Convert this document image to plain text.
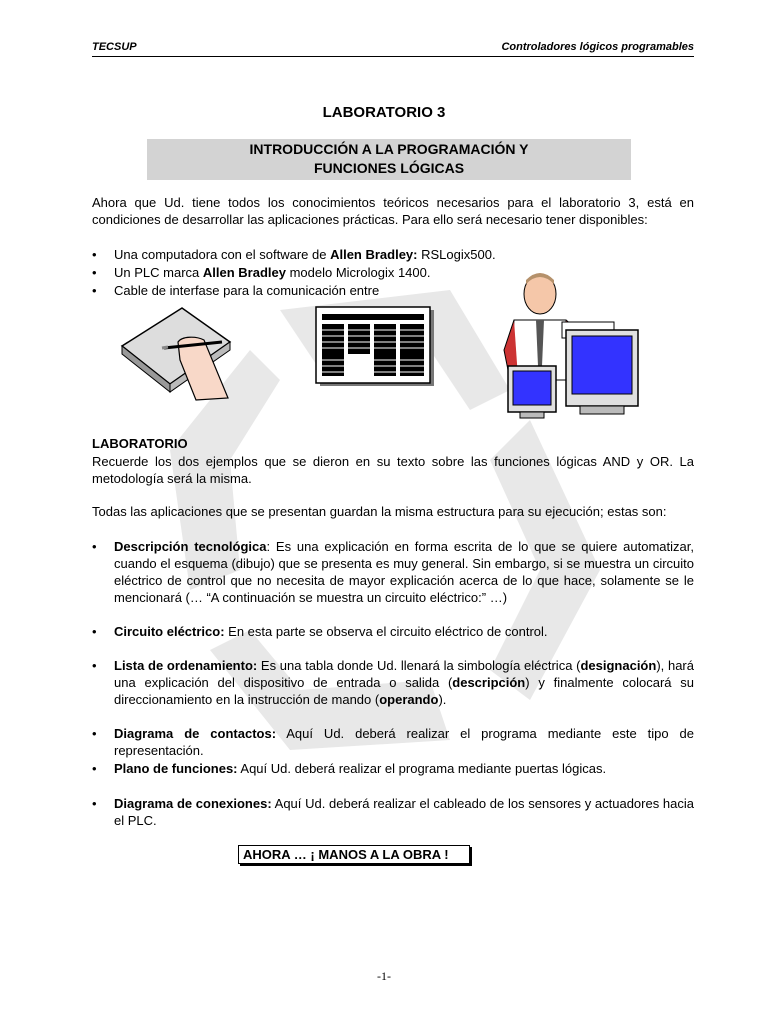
TECSUP	Controladores lógicos programables
LABORATORIO 3
INTRODUCCIÓN A LA PROGRAMACIÓN Y
FUNCIONES LÓGICAS
Ahora que Ud. tiene todos los conocimientos teóricos necesarios para el laboratorio 3, está en condiciones de desarrollar las aplicaciones prácticas. Para ello será necesario tener disponibles:
• Una computadora con el software de Allen Bradley: RSLogix500.
• Un PLC marca Allen Bradley modelo Micrologix 1400.
• Cable de interfase para la comunicación entre
LABORATORIO
Recuerde los dos ejemplos que se dieron en su texto sobre las funciones lógicas AND y OR. La metodología será la misma.
Todas las aplicaciones que se presentan guardan la misma estructura para su ejecución; estas son:
• Descripción tecnológica: Es una explicación en forma escrita de lo que se quiere automatizar, cuando el esquema (dibujo) que se presenta es muy general. Sin embargo, si se muestra un circuito eléctrico de control que no necesita de mayor explicación acerca de lo que hace, solamente se le mencionará (… “A continuación se muestra un circuito eléctrico:” …)
• Circuito eléctrico: En esta parte se observa el circuito eléctrico de control.
• Lista de ordenamiento: Es una tabla donde Ud. llenará la simbología eléctrica (designación), hará una explicación del dispositivo de entrada o salida (descripción) y finalmente colocará su direccionamiento en la instrucción de mando (operando).
• Diagrama de contactos: Aquí Ud. deberá realizar el programa mediante este tipo de representación.
• Plano de funciones: Aquí Ud. deberá realizar el programa mediante puertas lógicas.
• Diagrama de conexiones: Aquí Ud. deberá realizar el cableado de los sensores y actuadores hacia el PLC.
AHORA … ¡ MANOS A LA OBRA !
-1-
